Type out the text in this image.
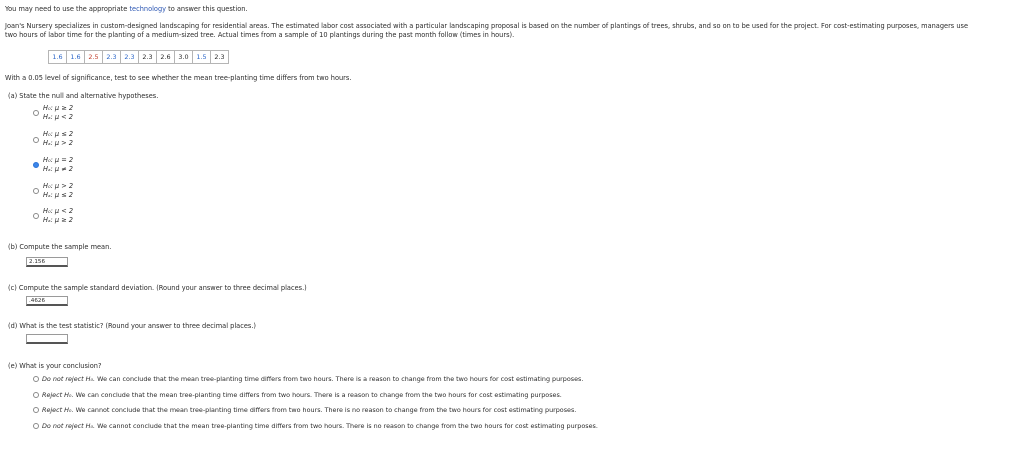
You may need to use the appropriate technology to answer this question.
Joan's Nursery specializes in custom-designed landscaping for residential areas. The estimated labor cost associated with a particular landscaping proposal is based on the number of plantings of trees, shrubs, and so on to be used for the project. For cost-estimating purposes, managers use
two hours of labor time for the planting of a medium-sized tree. Actual times from a sample of 10 plantings during the past month follow (times in hours).
1.6	1.6	2.5	2.3	2.3	2.3	2.6	3.0	1.5	2.3
With a 0.05 level of significance, test to see whether the mean tree-planting time differs from two hours.
(a) State the null and alternative hypotheses.
H₀: μ ≥ 2
Hₐ: μ < 2
H₀: μ ≤ 2
Hₐ: μ > 2
H₀: μ = 2
Hₐ: μ ≠ 2
H₀: μ > 2
Hₐ: μ ≤ 2
H₀: μ < 2
Hₐ: μ ≥ 2
(b) Compute the sample mean.
2.156
(c) Compute the sample standard deviation. (Round your answer to three decimal places.)
.4626
(d) What is the test statistic? (Round your answer to three decimal places.)
(e) What is your conclusion?
Do not reject H₀. We can conclude that the mean tree-planting time differs from two hours. There is a reason to change from the two hours for cost estimating purposes.
Reject H₀. We can conclude that the mean tree-planting time differs from two hours. There is a reason to change from the two hours for cost estimating purposes.
Reject H₀. We cannot conclude that the mean tree-planting time differs from two hours. There is no reason to change from the two hours for cost estimating purposes.
Do not reject H₀. We cannot conclude that the mean tree-planting time differs from two hours. There is no reason to change from the two hours for cost estimating purposes.
